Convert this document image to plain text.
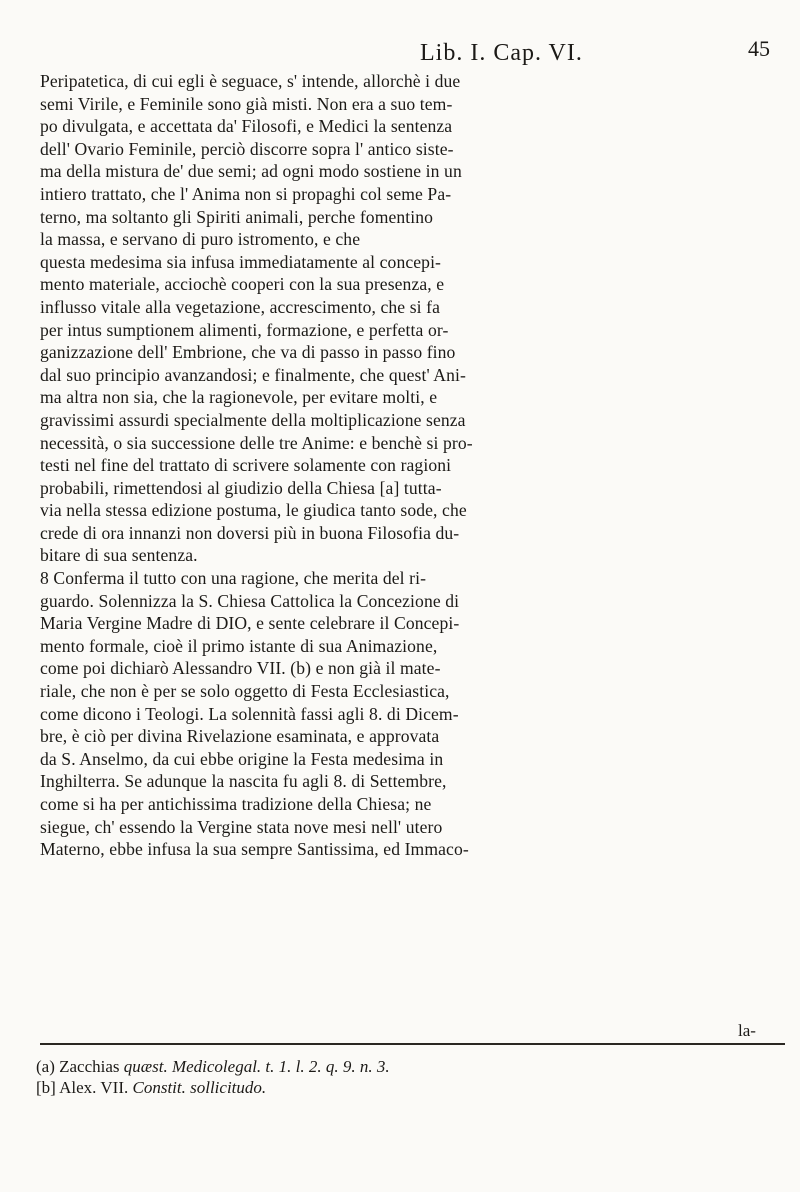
Lib. I. Cap. VI.	45
Peripatetica, di cui egli è seguace, s' intende, allorchè i due
semi Virile, e Feminile sono già misti. Non era a suo tem-
po divulgata, e accettata da' Filosofi, e Medici la sentenza
dell' Ovario Feminile, perciò discorre sopra l' antico siste-
ma della mistura de' due semi; ad ogni modo sostiene in un
intiero trattato, che l' Anima non si propaghi col seme Pa-
terno, ma soltanto gli Spiriti animali, perche fomentino
la massa, e servano di puro istromento, e che
questa medesima sia infusa immediatamente al concepi-
mento materiale, acciochè cooperi con la sua presenza, e
influsso vitale alla vegetazione, accrescimento, che si fa
per intus sumptionem alimenti, formazione, e perfetta or-
ganizzazione dell' Embrione, che va di passo in passo fino
dal suo principio avanzandosi; e finalmente, che quest' Ani-
ma altra non sia, che la ragionevole, per evitare molti, e
gravissimi assurdi specialmente della moltiplicazione senza
necessità, o sia successione delle tre Anime: e benchè si pro-
testi nel fine del trattato di scrivere solamente con ragioni
probabili, rimettendosi al giudizio della Chiesa [a] tutta-
via nella stessa edizione postuma, le giudica tanto sode, che
crede di ora innanzi non doversi più in buona Filosofia du-
bitare di sua sentenza.
8 Conferma il tutto con una ragione, che merita del ri-
guardo. Solennizza la S. Chiesa Cattolica la Concezione di
Maria Vergine Madre di DIO, e sente celebrare il Concepi-
mento formale, cioè il primo istante di sua Animazione,
come poi dichiarò Alessandro VII. (b) e non già il mate-
riale, che non è per se solo oggetto di Festa Ecclesiastica,
come dicono i Teologi. La solennità fassi agli 8. di Dicem-
bre, è ciò per divina Rivelazione esaminata, e approvata
da S. Anselmo, da cui ebbe origine la Festa medesima in
Inghilterra. Se adunque la nascita fu agli 8. di Settembre,
come si ha per antichissima tradizione della Chiesa; ne
siegue, ch' essendo la Vergine stata nove mesi nell' utero
Materno, ebbe infusa la sua sempre Santissima, ed Immaco-
la-
(a) Zacchias quæst. Medicolegal. t. 1. l. 2. q. 9. n. 3.
[b] Alex. VII. Constit. sollicitudo.
